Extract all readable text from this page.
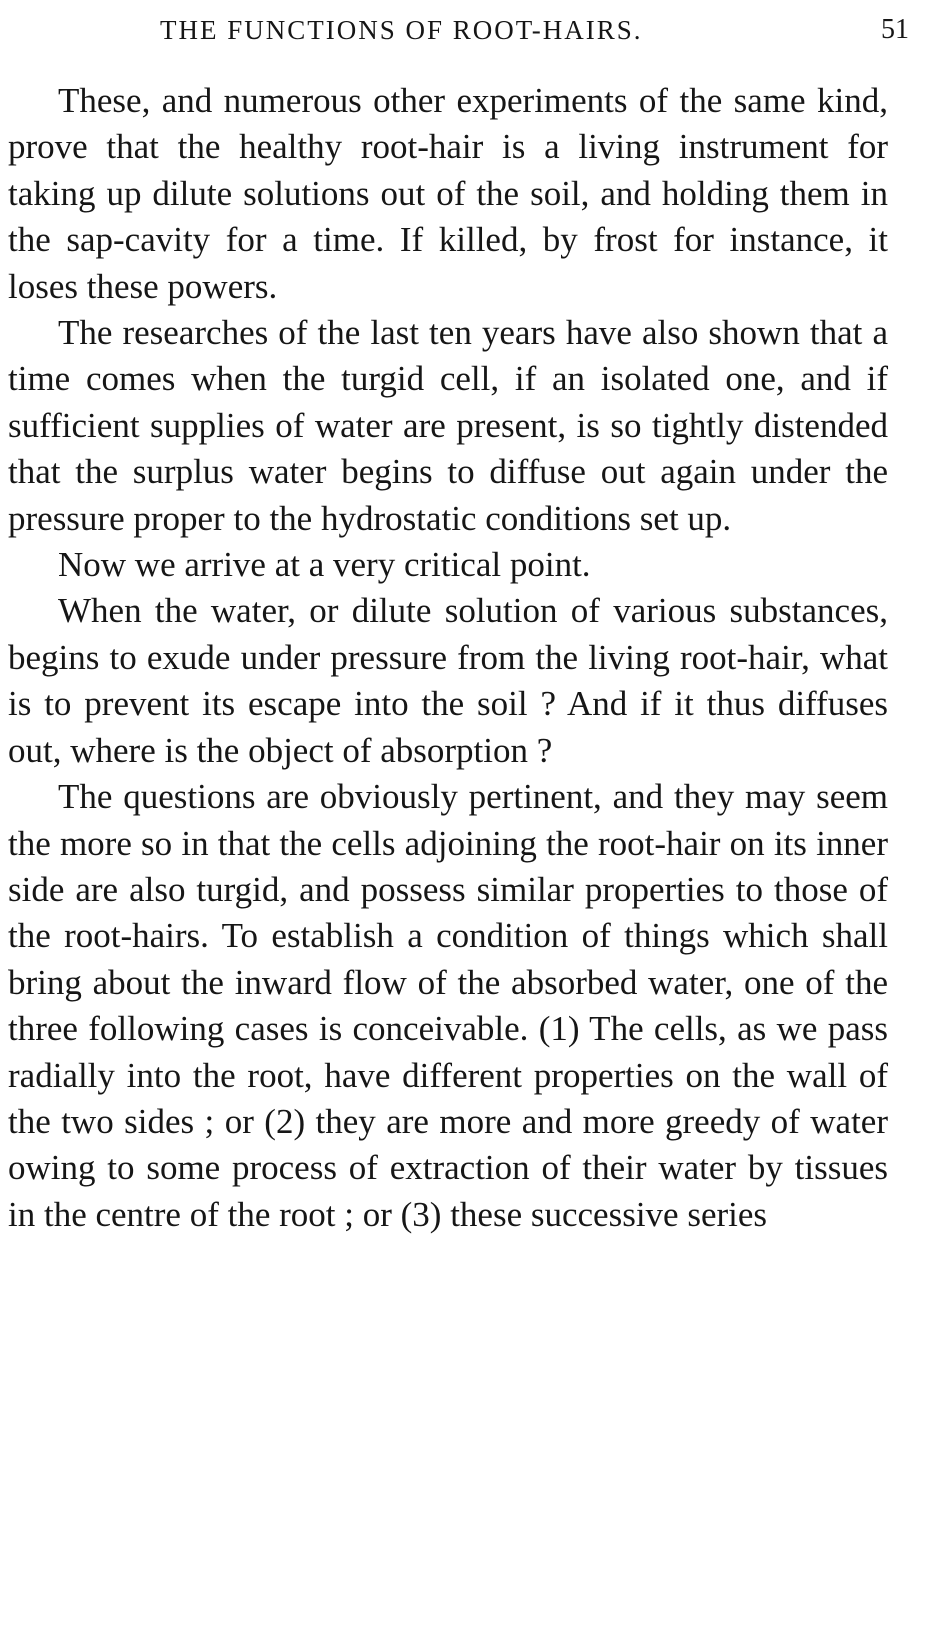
THE FUNCTIONS OF ROOT-HAIRS.	51

These, and numerous other experiments of the same kind, prove that the healthy root-hair is a living instrument for taking up dilute solutions out of the soil, and holding them in the sap-cavity for a time. If killed, by frost for instance, it loses these powers.

The researches of the last ten years have also shown that a time comes when the turgid cell, if an isolated one, and if sufficient supplies of water are present, is so tightly distended that the surplus water begins to diffuse out again under the pressure proper to the hydrostatic conditions set up.

Now we arrive at a very critical point.

When the water, or dilute solution of various substances, begins to exude under pressure from the living root-hair, what is to prevent its escape into the soil ? And if it thus diffuses out, where is the object of absorption ?

The questions are obviously pertinent, and they may seem the more so in that the cells adjoining the root-hair on its inner side are also turgid, and possess similar properties to those of the root-hairs. To establish a condition of things which shall bring about the inward flow of the absorbed water, one of the three following cases is conceivable. (1) The cells, as we pass radially into the root, have different properties on the wall of the two sides ; or (2) they are more and more greedy of water owing to some process of extraction of their water by tissues in the centre of the root ; or (3) these successive series
